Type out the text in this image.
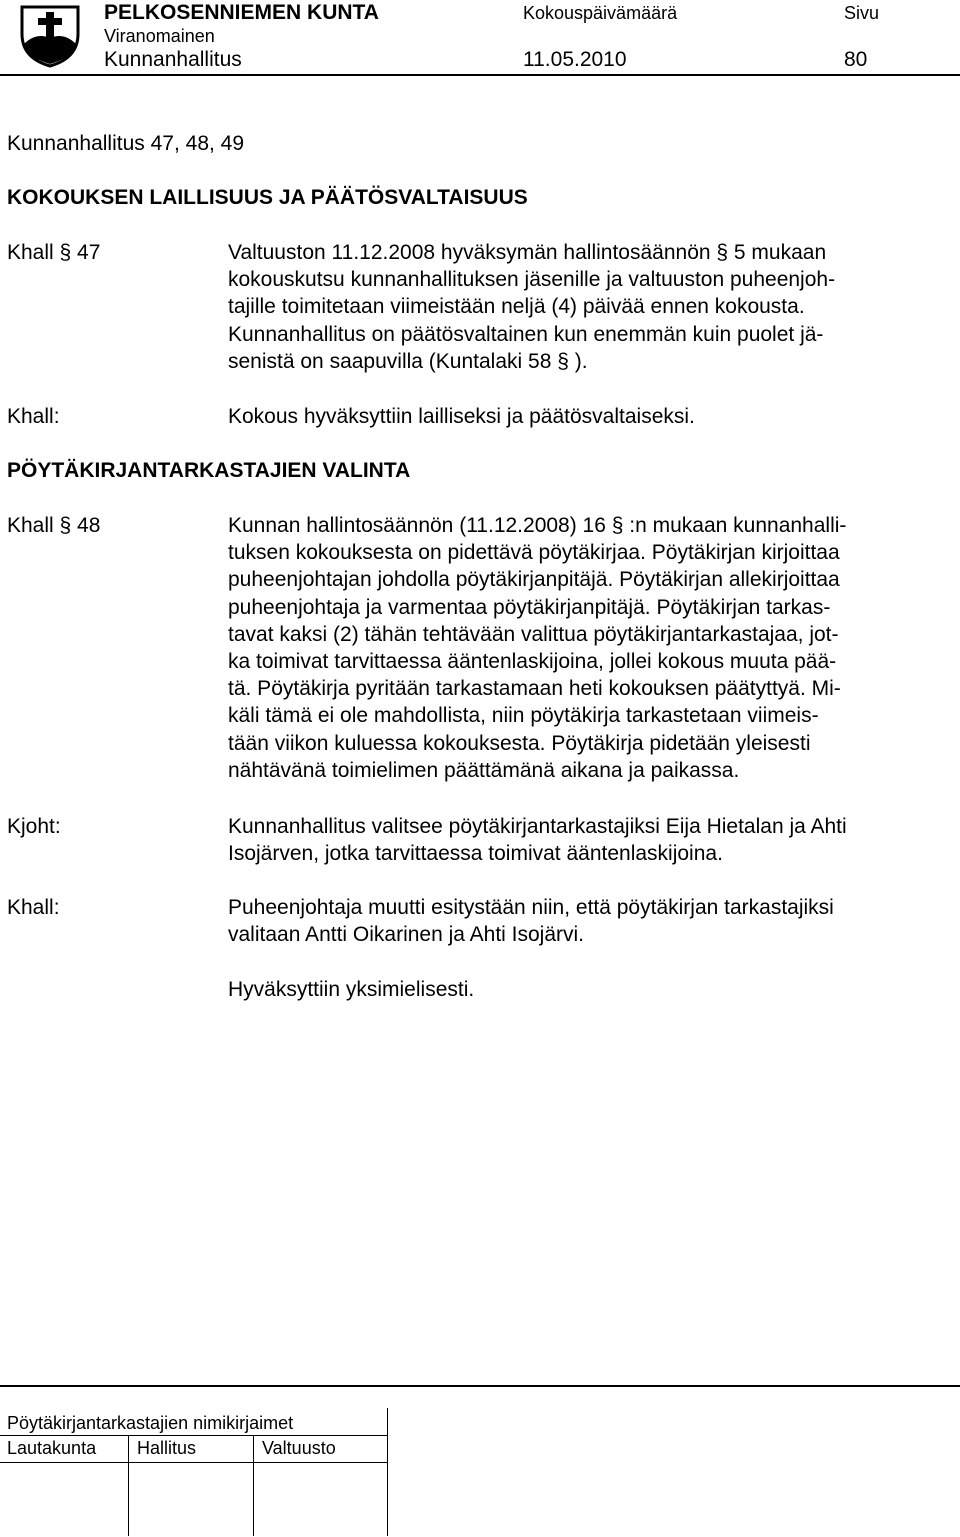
PELKOSENNIEMEN KUNTA
Viranomainen
Kunnanhallitus
Kokouspäivämäärä
11.05.2010
Sivu
80
Kunnanhallitus 47, 48, 49
KOKOUKSEN LAILLISUUS JA PÄÄTÖSVALTAISUUS
Khall § 47	Valtuuston 11.12.2008 hyväksymän hallintosäännön § 5 mukaan
kokouskutsu kunnanhallituksen jäsenille ja valtuuston puheenjoh-
tajille toimitetaan viimeistään neljä (4) päivää ennen kokousta.
Kunnanhallitus on päätösvaltainen kun enemmän kuin puolet jä-
senistä on saapuvilla (Kuntalaki 58 § ).
Khall:	Kokous hyväksyttiin lailliseksi ja päätösvaltaiseksi.
PÖYTÄKIRJANTARKASTAJIEN VALINTA
Khall § 48	Kunnan hallintosäännön (11.12.2008) 16 § :n mukaan kunnanhalli-
tuksen kokouksesta on pidettävä pöytäkirjaa. Pöytäkirjan kirjoittaa
puheenjohtajan johdolla pöytäkirjanpitäjä. Pöytäkirjan allekirjoittaa
puheenjohtaja ja varmentaa pöytäkirjanpitäjä. Pöytäkirjan tarkas-
tavat kaksi (2) tähän tehtävään valittua pöytäkirjantarkastajaa, jot-
ka toimivat tarvittaessa ääntenlaskijoina, jollei kokous muuta pää-
tä. Pöytäkirja pyritään tarkastamaan heti kokouksen päätyttyä. Mi-
käli tämä ei ole mahdollista, niin pöytäkirja tarkastetaan viimeis-
tään viikon kuluessa kokouksesta. Pöytäkirja pidetään yleisesti
nähtävänä toimielimen päättämänä aikana ja paikassa.
Kjoht:	Kunnanhallitus valitsee pöytäkirjantarkastajiksi Eija Hietalan ja Ahti
Isojärven, jotka tarvittaessa toimivat ääntenlaskijoina.
Khall:	Puheenjohtaja muutti esitystään niin, että pöytäkirjan tarkastajiksi
valitaan Antti Oikarinen ja Ahti Isojärvi.
Hyväksyttiin yksimielisesti.
Pöytäkirjantarkastajien nimikirjaimet
Lautakunta Hallitus	Valtuusto
